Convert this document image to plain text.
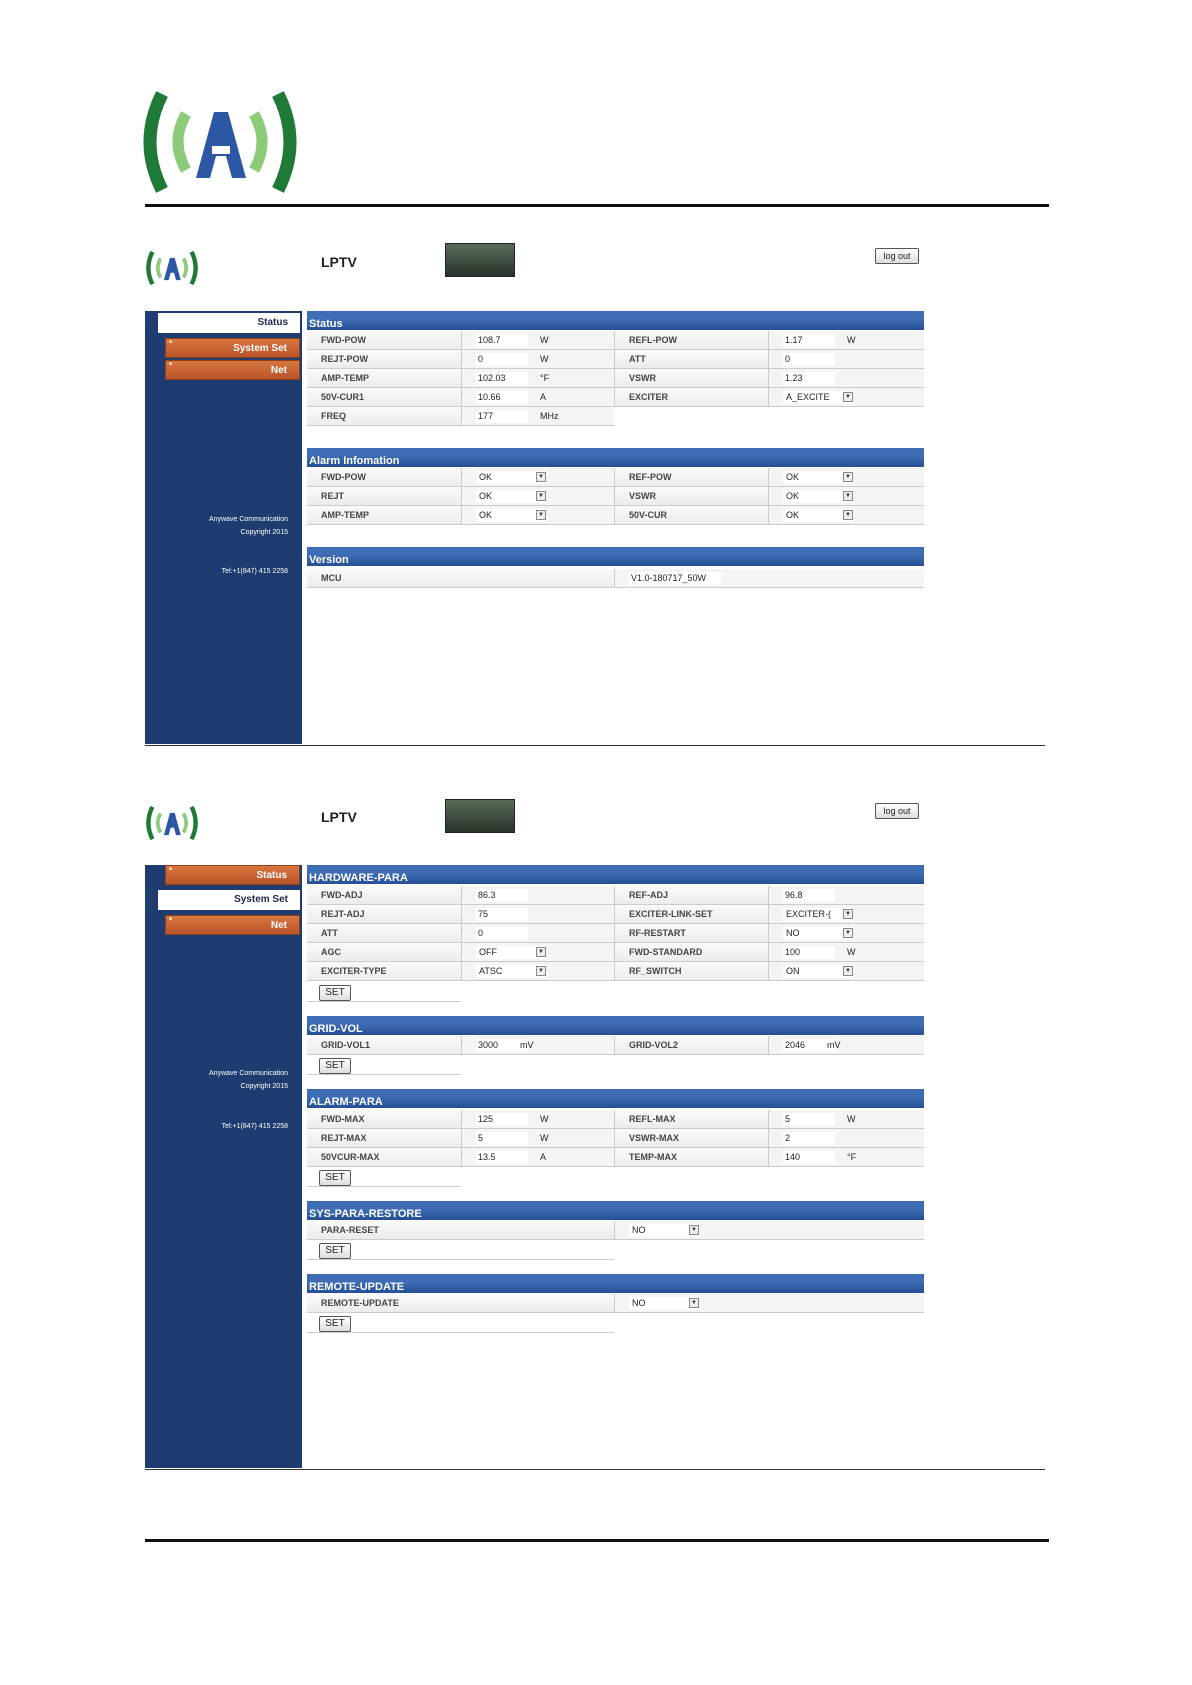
LPTV	log out
Status
*	System Set
*	Net
Anywave Communication
Copyright 2015
Tel:+1(847) 415 2258
Status
FWD-POW	108.7	W	REFL-POW	1.17	W
REJT-POW	0	W	ATT	0
AMP-TEMP	102.03	°F	VSWR	1.23
50V-CUR1	10.66	A	EXCITER	A_EXCITE	▼
FREQ	177	MHz
Alarm Infomation
FWD-POW	OK	▼	REF-POW	OK	▼
REJT	OK	▼	VSWR	OK	▼
AMP-TEMP	OK	▼	50V-CUR	OK	▼
Version
MCU	V1.0-180717_50W
LPTV	log out
*	Status
System Set
*	Net
Anywave Communication
Copyright 2015
Tel:+1(847) 415 2258
HARDWARE-PARA
FWD-ADJ	86.3	REF-ADJ	96.8
REJT-ADJ	75	EXCITER-LINK-SET	EXCITER-(	▼
ATT	0	RF-RESTART	NO	▼
AGC	OFF	▼	FWD-STANDARD	100	W
EXCITER-TYPE	ATSC	▼	RF_SWITCH	ON	▼
SET
GRID-VOL
GRID-VOL1	3000 mV	GRID-VOL2	2046 mV
SET
ALARM-PARA
FWD-MAX	125	W	REFL-MAX	5	W
REJT-MAX	5	W	VSWR-MAX	2
50VCUR-MAX	13.5	A	TEMP-MAX	140	°F
SET
SYS-PARA-RESTORE
PARA-RESET	NO	▼
SET
REMOTE-UPDATE
REMOTE-UPDATE	NO	▼
SET
